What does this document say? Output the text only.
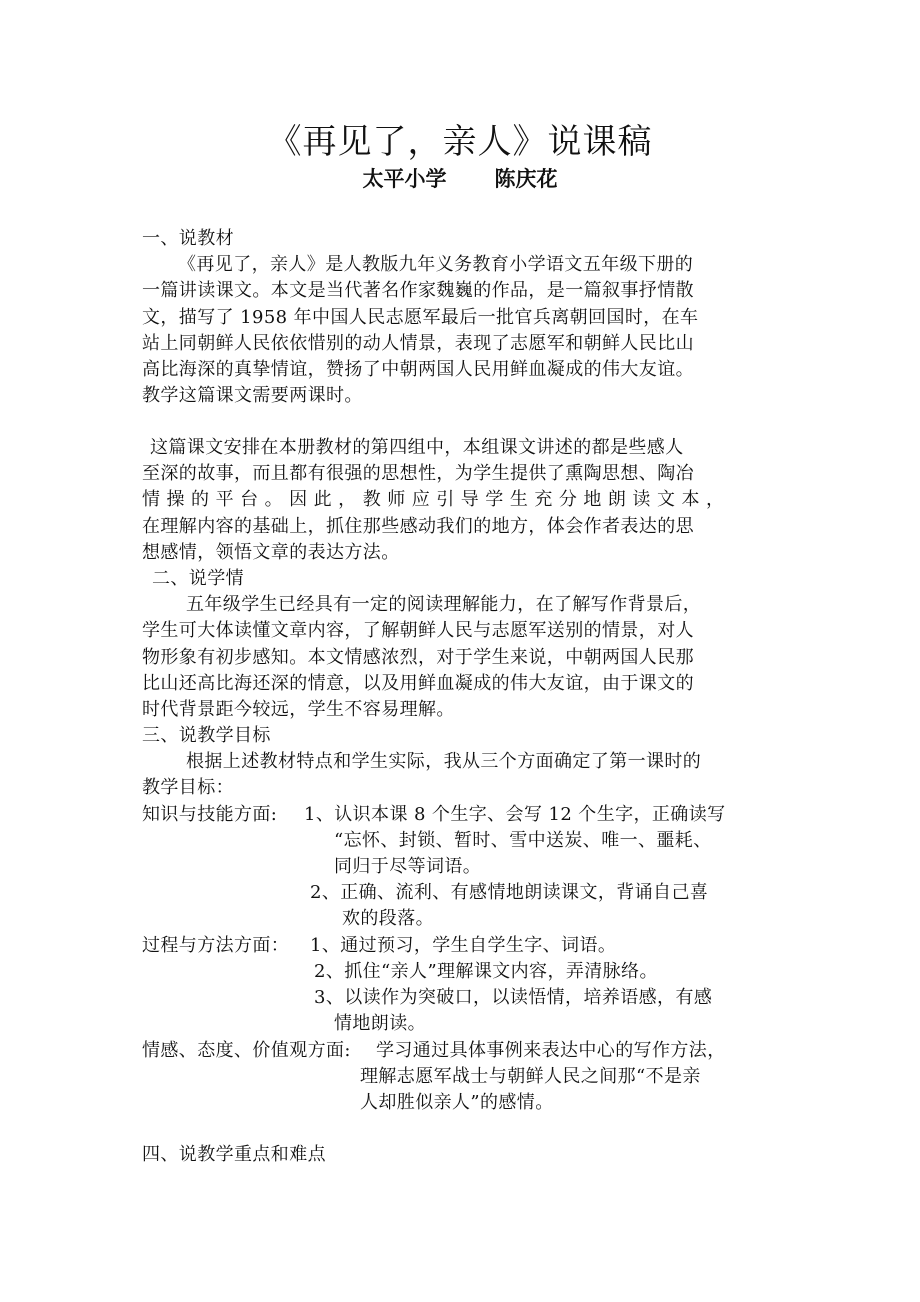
《再见了，亲人》说课稿
太平小学 陈庆花
一、说教材
《再见了，亲人》是人教版九年义务教育小学语文五年级下册的
一篇讲读课文。本文是当代著名作家魏巍的作品，是一篇叙事抒情散
文，描写了 1958 年中国人民志愿军最后一批官兵离朝回国时，在车
站上同朝鲜人民依依惜别的动人情景，表现了志愿军和朝鲜人民比山
高比海深的真挚情谊，赞扬了中朝两国人民用鲜血凝成的伟大友谊。
教学这篇课文需要两课时。
这篇课文安排在本册教材的第四组中，本组课文讲述的都是些感人
至深的故事，而且都有很强的思想性，为学生提供了熏陶思想、陶冶
情 操 的 平 台 。 因 此 ， 教 师 应 引 导 学 生 充 分 地 朗 读 文 本 ，
在理解内容的基础上，抓住那些感动我们的地方，体会作者表达的思
想感情，领悟文章的表达方法。
二、说学情
五年级学生已经具有一定的阅读理解能力，在了解写作背景后，
学生可大体读懂文章内容，了解朝鲜人民与志愿军送别的情景，对人
物形象有初步感知。本文情感浓烈，对于学生来说，中朝两国人民那
比山还高比海还深的情意，以及用鲜血凝成的伟大友谊，由于课文的
时代背景距今较远，学生不容易理解。
三、说教学目标
根据上述教材特点和学生实际，我从三个方面确定了第一课时的
教学目标：
知识与技能方面: 1、认识本课 8 个生字、会写 12 个生字，正确读写
“忘怀、封锁、暂时、雪中送炭、唯一、噩耗、
同归于尽等词语。
2、正确、流利、有感情地朗读课文，背诵自己喜
欢的段落。
过程与方法方面： 1、通过预习，学生自学生字、词语。
2、抓住“亲人”理解课文内容，弄清脉络。
3、以读作为突破口，以读悟情，培养语感，有感
情地朗读。
情感、态度、价值观方面: 学习通过具体事例来表达中心的写作方法，
理解志愿军战士与朝鲜人民之间那“不是亲
人却胜似亲人”的感情。
四、说教学重点和难点
